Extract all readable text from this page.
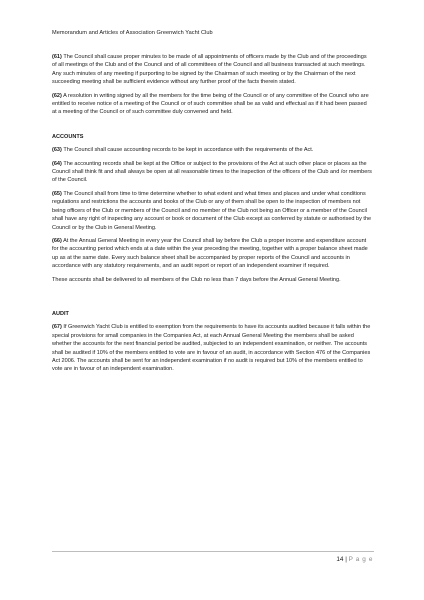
Memorandum and Articles of Association Greenwich Yacht Club

(61) The Council shall cause proper minutes to be made of all appointments of officers made by the Club and of the proceedings of all meetings of the Club and of the Council and of all committees of the Council and all business transacted at such meetings. Any such minutes of any meeting if purporting to be signed by the Chairman of such meeting or by the Chairman of the next succeeding meeting shall be sufficient evidence without any further proof of the facts therein stated.

(62) A resolution in writing signed by all the members for the time being of the Council or of any committee of the Council who are entitled to receive notice of a meeting of the Council or of such committee shall be as valid and effectual as if it had been passed at a meeting of the Council or of such committee duly convened and held.

ACCOUNTS

(63) The Council shall cause accounting records to be kept in accordance with the requirements of the Act.

(64) The accounting records shall be kept at the Office or subject to the provisions of the Act at such other place or places as the Council shall think fit and shall always be open at all reasonable times to the inspection of the officers of the Club and /or members of the Council.

(65) The Council shall from time to time determine whether to what extent and what times and places and under what conditions regulations and restrictions the accounts and books of the Club or any of them shall be open to the inspection of members not being officers of the Club or members of the Council and no member of the Club not being an Officer or a member of the Council shall have any right of inspecting any account or book or document of the Club except as conferred by statute or authorised by the Council or by the Club in General Meeting.

(66) At the Annual General Meeting in every year the Council shall lay before the Club a proper income and expenditure account for the accounting period which ends at a date within the year preceding the meeting, together with a proper balance sheet made up as at the same date. Every such balance sheet shall be accompanied by proper reports of the Council and accounts in accordance with any statutory requirements, and an audit report or report of an independent examiner if required.

These accounts shall be delivered to all members of the Club no less than 7 days before the Annual General Meeting.

AUDIT

(67) If Greenwich Yacht Club is entitled to exemption from the requirements to have its accounts audited because it falls within the special provisions for small companies in the Companies Act, at each Annual General Meeting the members shall be asked whether the accounts for the next financial period be audited, subjected to an independent examination, or neither. The accounts shall be audited if 10% of the members entitled to vote are in favour of an audit, in accordance with Section 476 of the Companies Act 2006. The accounts shall be sent for an independent examination if no audit is required but 10% of the members entitled to vote are in favour of an independent examination.

14 | P a g e
